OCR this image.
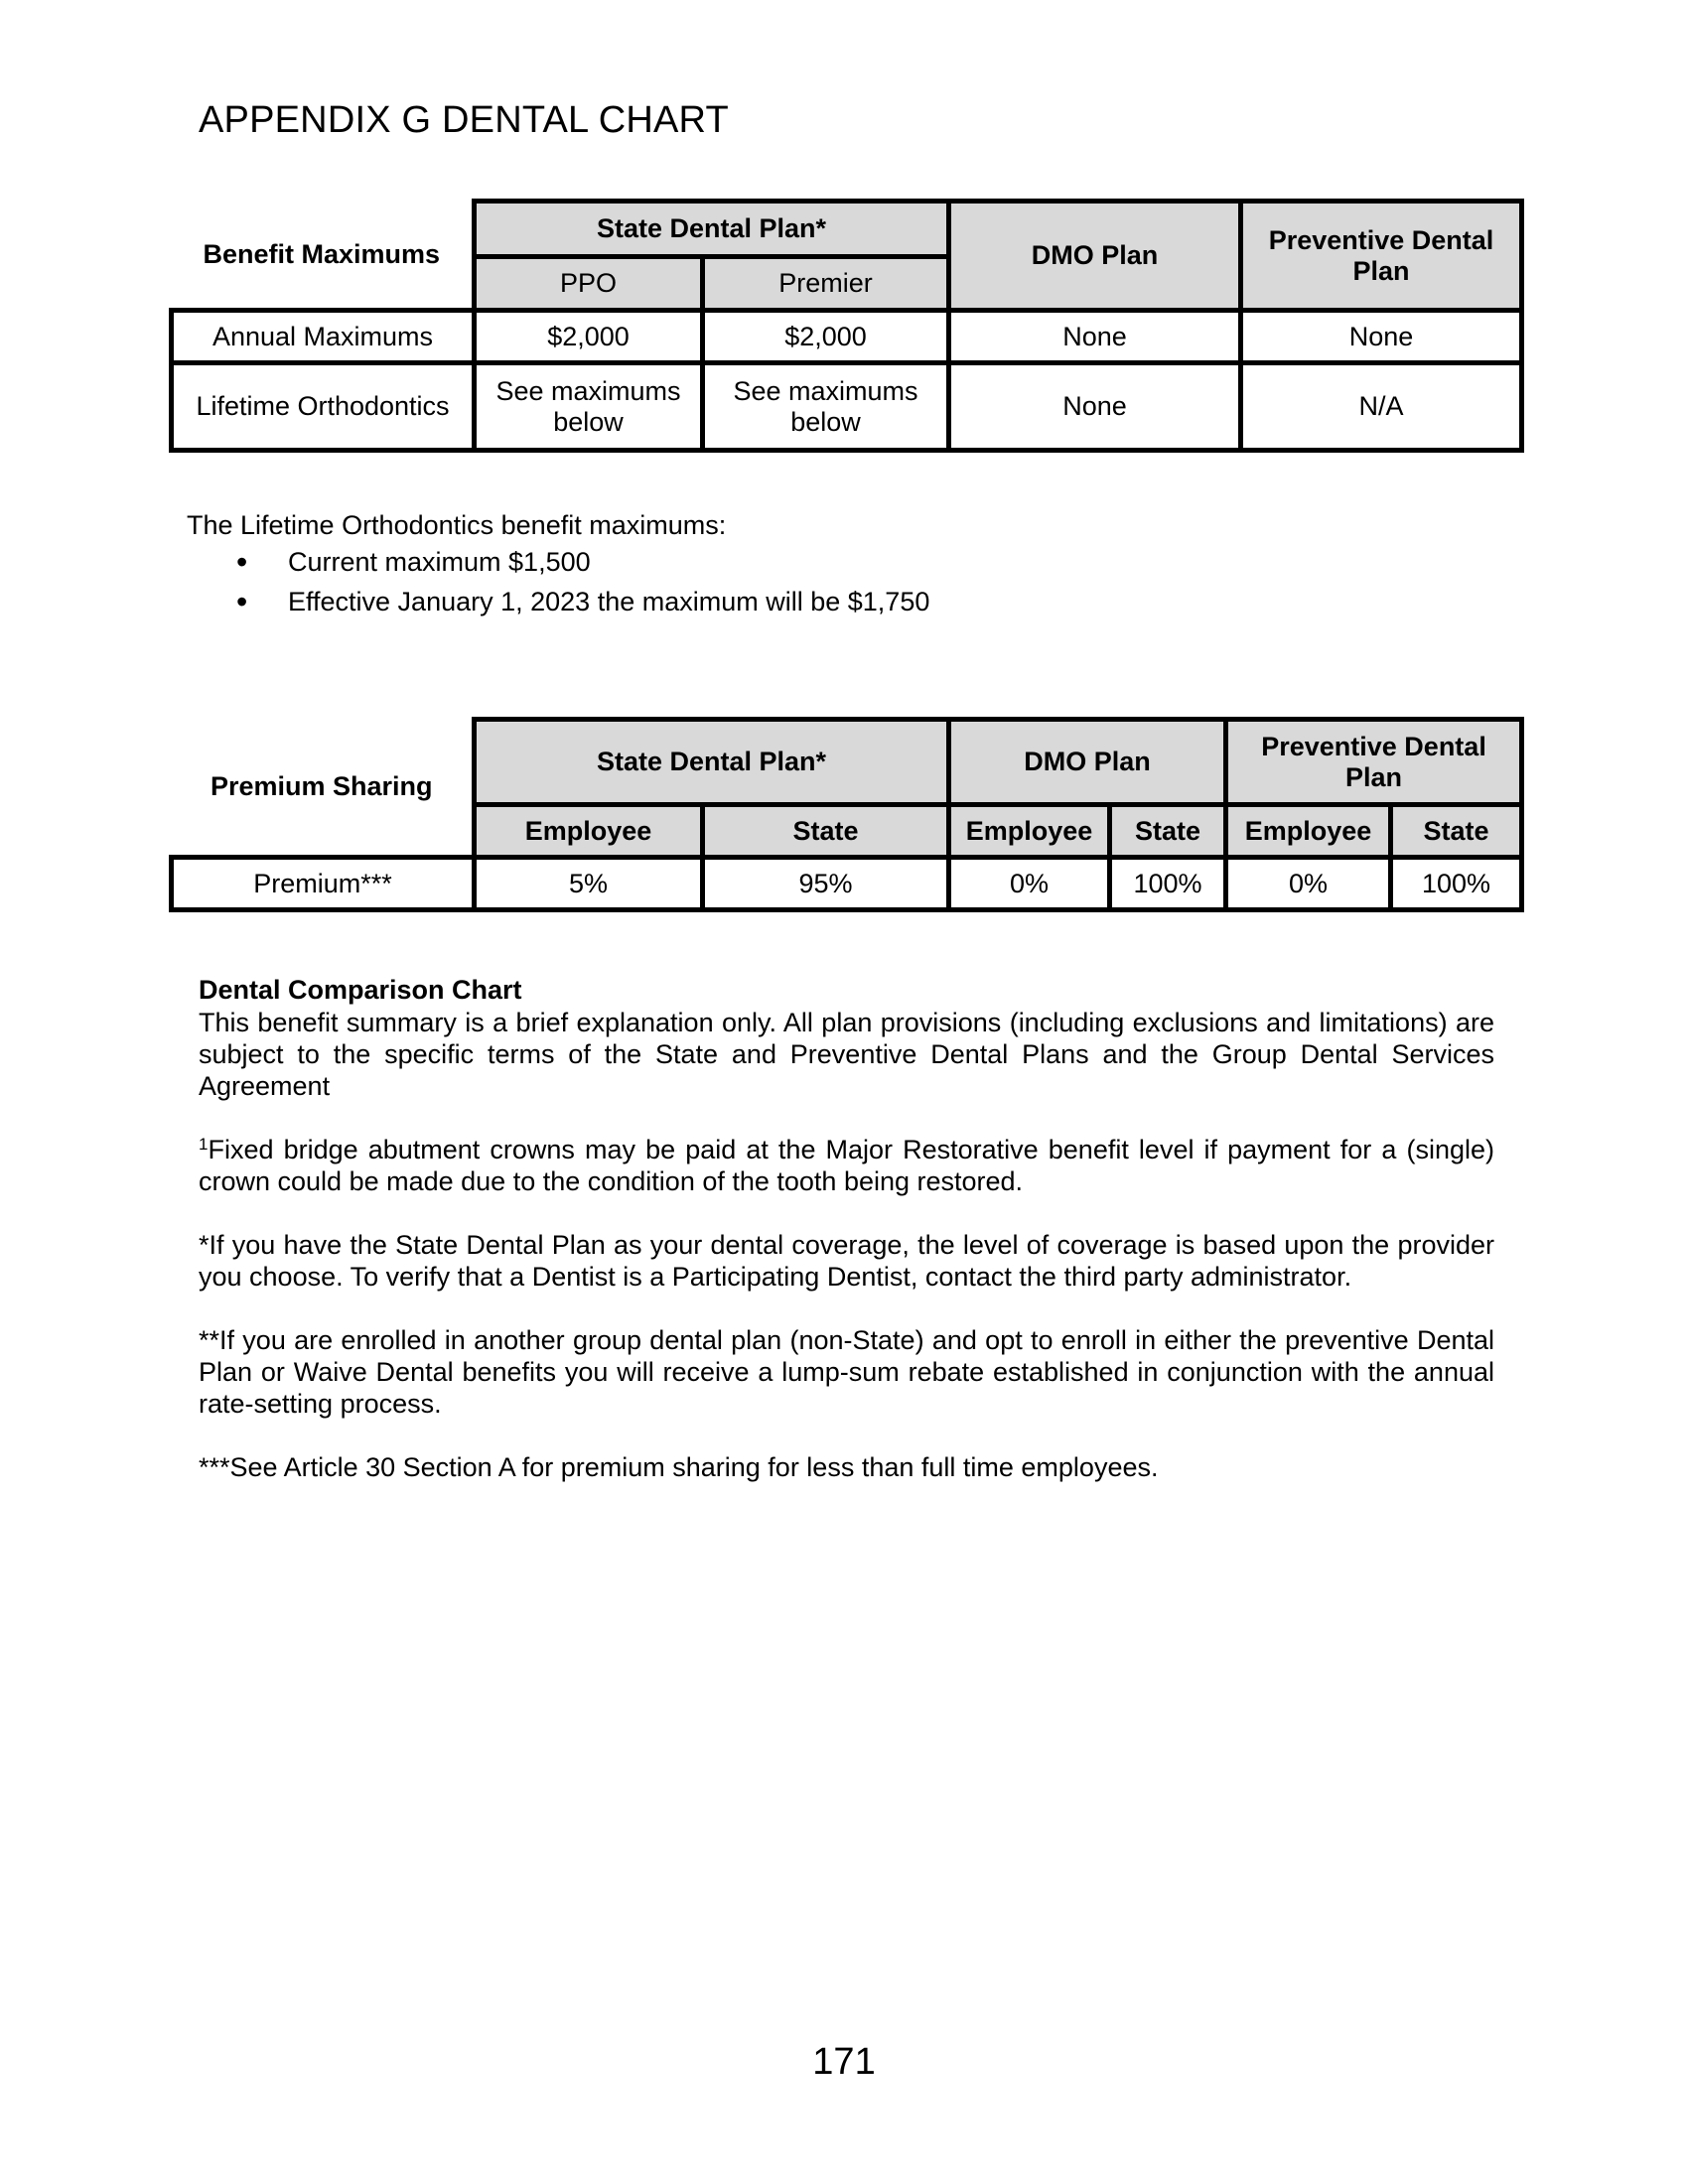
APPENDIX G DENTAL CHART
Benefit Maximums	State Dental Plan*		DMO Plan	Preventive Dental Plan
	PPO	Premier		
Annual Maximums	$2,000	$2,000	None	None
Lifetime Orthodontics	See maximums below	See maximums below	None	N/A
The Lifetime Orthodontics benefit maximums:
• Current maximum $1,500
• Effective January 1, 2023 the maximum will be $1,750
Premium Sharing	State Dental Plan*		DMO Plan		Preventive Dental Plan	
	Employee	State	Employee	State	Employee	State
Premium***	5%	95%	0%	100%	0%	100%
Dental Comparison Chart
This benefit summary is a brief explanation only. All plan provisions (including exclusions and limitations) are subject to the specific terms of the State and Preventive Dental Plans and the Group Dental Services Agreement
$^1$Fixed bridge abutment crowns may be paid at the Major Restorative benefit level if payment for a (single) crown could be made due to the condition of the tooth being restored.
*If you have the State Dental Plan as your dental coverage, the level of coverage is based upon the provider you choose. To verify that a Dentist is a Participating Dentist, contact the third party administrator.
**If you are enrolled in another group dental plan (non-State) and opt to enroll in either the preventive Dental Plan or Waive Dental benefits you will receive a lump-sum rebate established in conjunction with the annual rate-setting process.
***See Article 30 Section A for premium sharing for less than full time employees.
171
